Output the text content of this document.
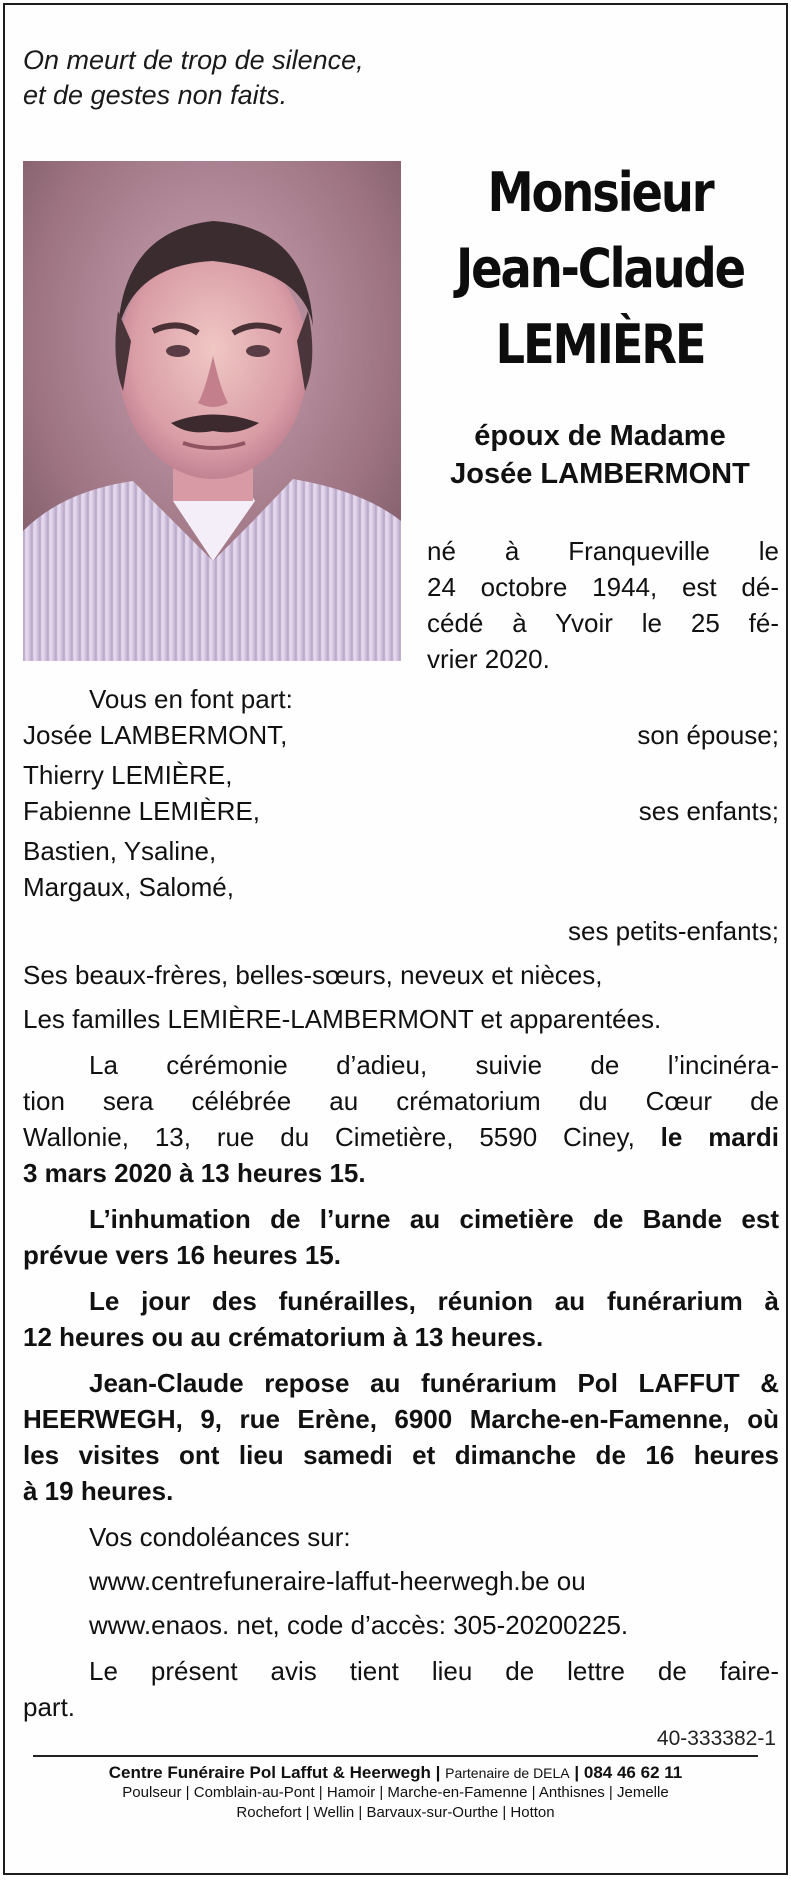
On meurt de trop de silence,
et de gestes non faits.

Monsieur
Jean-Claude
LEMIÈRE
époux de Madame
Josée LAMBERMONT
né à Franqueville le
24 octobre 1944, est dé-
cédé à Yvoir le 25 fé-
vrier 2020.
Vous en font part:
Josée LAMBERMONT,	son épouse;
Thierry LEMIÈRE,
Fabienne LEMIÈRE,	ses enfants;
Bastien, Ysaline,
Margaux, Salomé,
ses petits-enfants;
Ses beaux-frères, belles-sœurs, neveux et nièces,
Les familles LEMIÈRE-LAMBERMONT et apparentées.
La cérémonie d’adieu, suivie de l’incinéra-
tion sera célébrée au crématorium du Cœur de
Wallonie, 13, rue du Cimetière, 5590 Ciney, le mardi
3 mars 2020 à 13 heures 15.
L’inhumation de l’urne au cimetière de Bande est
prévue vers 16 heures 15.
Le jour des funérailles, réunion au funérarium à
12 heures ou au crématorium à 13 heures.
Jean-Claude repose au funérarium Pol LAFFUT &
HEERWEGH, 9, rue Erène, 6900 Marche-en-Famenne, où
les visites ont lieu samedi et dimanche de 16 heures
à 19 heures.
Vos condoléances sur:
www.centrefuneraire-laffut-heerwegh.be ou
www.enaos. net, code d’accès: 305-20200225.
Le présent avis tient lieu de lettre de faire-
part.
40-333382-1
Centre Funéraire Pol Laffut & Heerwegh | Partenaire de DELA | 084 46 62 11
Poulseur | Comblain-au-Pont | Hamoir | Marche-en-Famenne | Anthisnes | Jemelle
Rochefort | Wellin | Barvaux-sur-Ourthe | Hotton
